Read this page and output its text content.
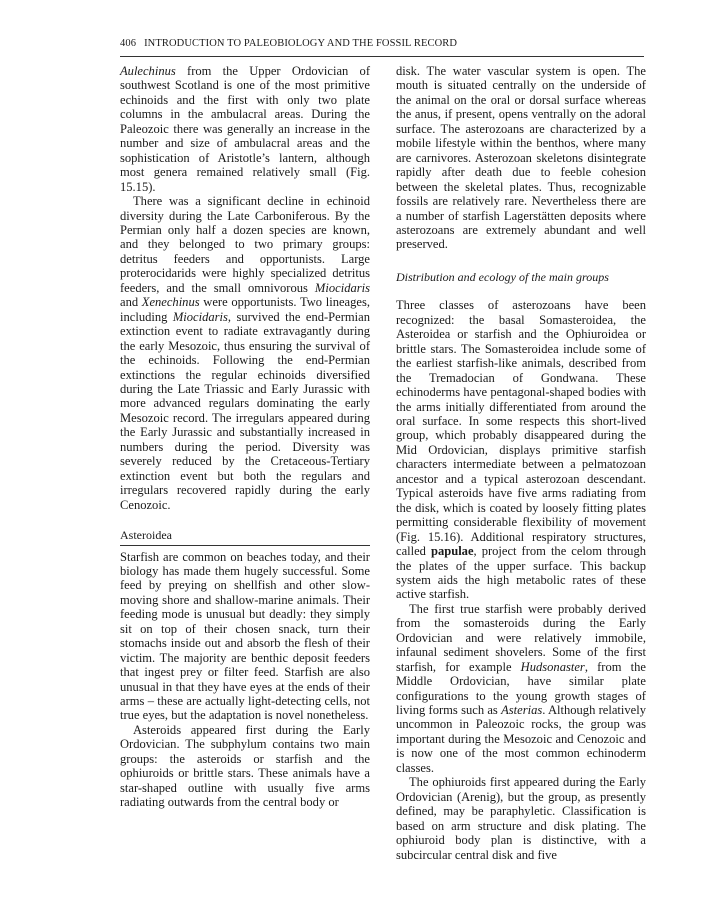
406 INTRODUCTION TO PALEOBIOLOGY AND THE FOSSIL RECORD

Aulechinus from the Upper Ordovician of southwest Scotland is one of the most primitive echinoids and the first with only two plate columns in the ambulacral areas. During the Paleozoic there was generally an increase in the number and size of ambulacral areas and the sophistication of Aristotle’s lantern, although most genera remained relatively small (Fig. 15.15).

There was a significant decline in echinoid diversity during the Late Carboniferous. By the Permian only half a dozen species are known, and they belonged to two primary groups: detritus feeders and opportunists. Large proterocidarids were highly specialized detritus feeders, and the small omnivorous Miocidaris and Xenechinus were opportunists. Two lineages, including Miocidaris, survived the end-Permian extinction event to radiate extravagantly during the early Mesozoic, thus ensuring the survival of the echinoids. Following the end-Permian extinctions the regular echinoids diversified during the Late Triassic and Early Jurassic with more advanced regulars dominating the early Mesozoic record. The irregulars appeared during the Early Jurassic and substantially increased in numbers during the period. Diversity was severely reduced by the Cretaceous-Tertiary extinction event but both the regulars and irregulars recovered rapidly during the early Cenozoic.

Asteroidea

Starfish are common on beaches today, and their biology has made them hugely successful. Some feed by preying on shellfish and other slow-moving shore and shallow-marine animals. Their feeding mode is unusual but deadly: they simply sit on top of their chosen snack, turn their stomachs inside out and absorb the flesh of their victim. The majority are benthic deposit feeders that ingest prey or filter feed. Starfish are also unusual in that they have eyes at the ends of their arms – these are actually light-detecting cells, not true eyes, but the adaptation is novel nonetheless.

Asteroids appeared first during the Early Ordovician. The subphylum contains two main groups: the asteroids or starfish and the ophiuroids or brittle stars. These animals have a star-shaped outline with usually five arms radiating outwards from the central body or

disk. The water vascular system is open. The mouth is situated centrally on the underside of the animal on the oral or dorsal surface whereas the anus, if present, opens ventrally on the adoral surface. The asterozoans are characterized by a mobile lifestyle within the benthos, where many are carnivores. Asterozoan skeletons disintegrate rapidly after death due to feeble cohesion between the skeletal plates. Thus, recognizable fossils are relatively rare. Nevertheless there are a number of starfish Lagerstätten deposits where asterozoans are extremely abundant and well preserved.

Distribution and ecology of the main groups

Three classes of asterozoans have been recognized: the basal Somasteroidea, the Asteroidea or starfish and the Ophiuroidea or brittle stars. The Somasteroidea include some of the earliest starfish-like animals, described from the Tremadocian of Gondwana. These echinoderms have pentagonal-shaped bodies with the arms initially differentiated from around the oral surface. In some respects this short-lived group, which probably disappeared during the Mid Ordovician, displays primitive starfish characters intermediate between a pelmatozoan ancestor and a typical asterozoan descendant. Typical asteroids have five arms radiating from the disk, which is coated by loosely fitting plates permitting considerable flexibility of movement (Fig. 15.16). Additional respiratory structures, called papulae, project from the celom through the plates of the upper surface. This backup system aids the high metabolic rates of these active starfish.

The first true starfish were probably derived from the somasteroids during the Early Ordovician and were relatively immobile, infaunal sediment shovelers. Some of the first starfish, for example Hudsonaster, from the Middle Ordovician, have similar plate configurations to the young growth stages of living forms such as Asterias. Although relatively uncommon in Paleozoic rocks, the group was important during the Mesozoic and Cenozoic and is now one of the most common echinoderm classes.

The ophiuroids first appeared during the Early Ordovician (Arenig), but the group, as presently defined, may be paraphyletic. Classification is based on arm structure and disk plating. The ophiuroid body plan is distinctive, with a subcircular central disk and five
